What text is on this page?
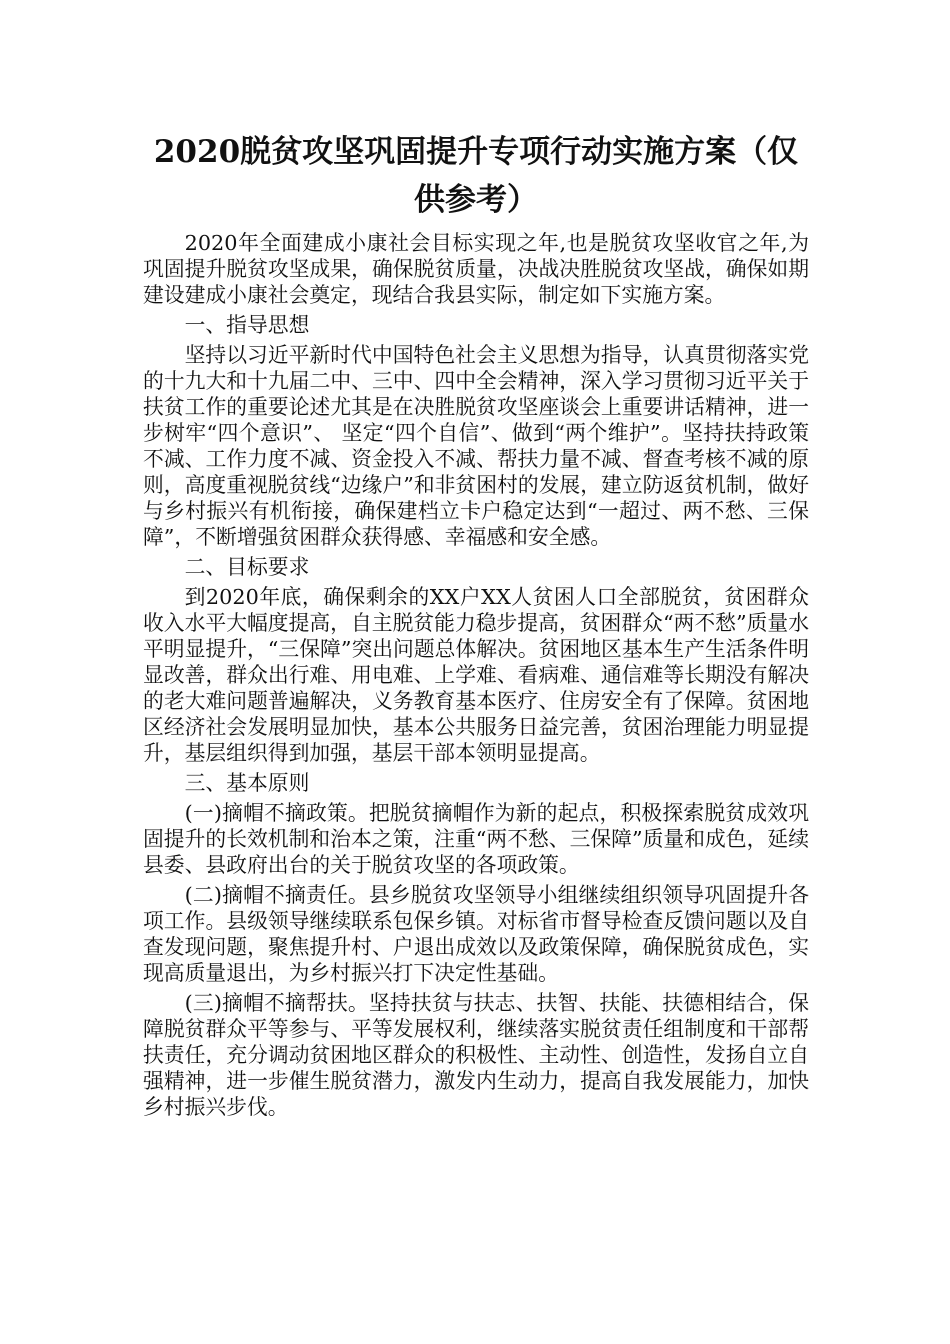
2020脱贫攻坚巩固提升专项行动实施方案（仅供参考）

2020年全面建成小康社会目标实现之年,也是脱贫攻坚收官之年,为巩固提升脱贫攻坚成果，确保脱贫质量，决战决胜脱贫攻坚战，确保如期建设建成小康社会奠定，现结合我县实际，制定如下实施方案。

一、指导思想

坚持以习近平新时代中国特色社会主义思想为指导，认真贯彻落实党的十九大和十九届二中、三中、四中全会精神，深入学习贯彻习近平关于扶贫工作的重要论述尤其是在决胜脱贫攻坚座谈会上重要讲话精神，进一步树牢“四个意识”、 坚定“四个自信”、做到“两个维护”。坚持扶持政策不减、工作力度不减、资金投入不减、帮扶力量不减、督查考核不减的原则，高度重视脱贫线“边缘户”和非贫困村的发展，建立防返贫机制，做好与乡村振兴有机衔接，确保建档立卡户稳定达到“一超过、两不愁、三保障”，不断增强贫困群众获得感、幸福感和安全感。

二、目标要求

到2020年底，确保剩余的XX户XX人贫困人口全部脱贫，贫困群众收入水平大幅度提高，自主脱贫能力稳步提高，贫困群众“两不愁”质量水平明显提升，“三保障”突出问题总体解决。贫困地区基本生产生活条件明显改善，群众出行难、用电难、上学难、看病难、通信难等长期没有解决的老大难问题普遍解决，义务教育基本医疗、住房安全有了保障。贫困地区经济社会发展明显加快，基本公共服务日益完善，贫困治理能力明显提升，基层组织得到加强，基层干部本领明显提高。

三、基本原则

(一)摘帽不摘政策。把脱贫摘帽作为新的起点，积极探索脱贫成效巩固提升的长效机制和治本之策，注重“两不愁、三保障”质量和成色，延续县委、县政府出台的关于脱贫攻坚的各项政策。

(二)摘帽不摘责任。县乡脱贫攻坚领导小组继续组织领导巩固提升各项工作。县级领导继续联系包保乡镇。对标省市督导检查反馈问题以及自查发现问题，聚焦提升村、户退出成效以及政策保障，确保脱贫成色，实现高质量退出，为乡村振兴打下决定性基础。

(三)摘帽不摘帮扶。坚持扶贫与扶志、扶智、扶能、扶德相结合，保障脱贫群众平等参与、平等发展权利，继续落实脱贫责任组制度和干部帮扶责任，充分调动贫困地区群众的积极性、主动性、创造性，发扬自立自强精神，进一步催生脱贫潜力，激发内生动力，提高自我发展能力，加快乡村振兴步伐。
